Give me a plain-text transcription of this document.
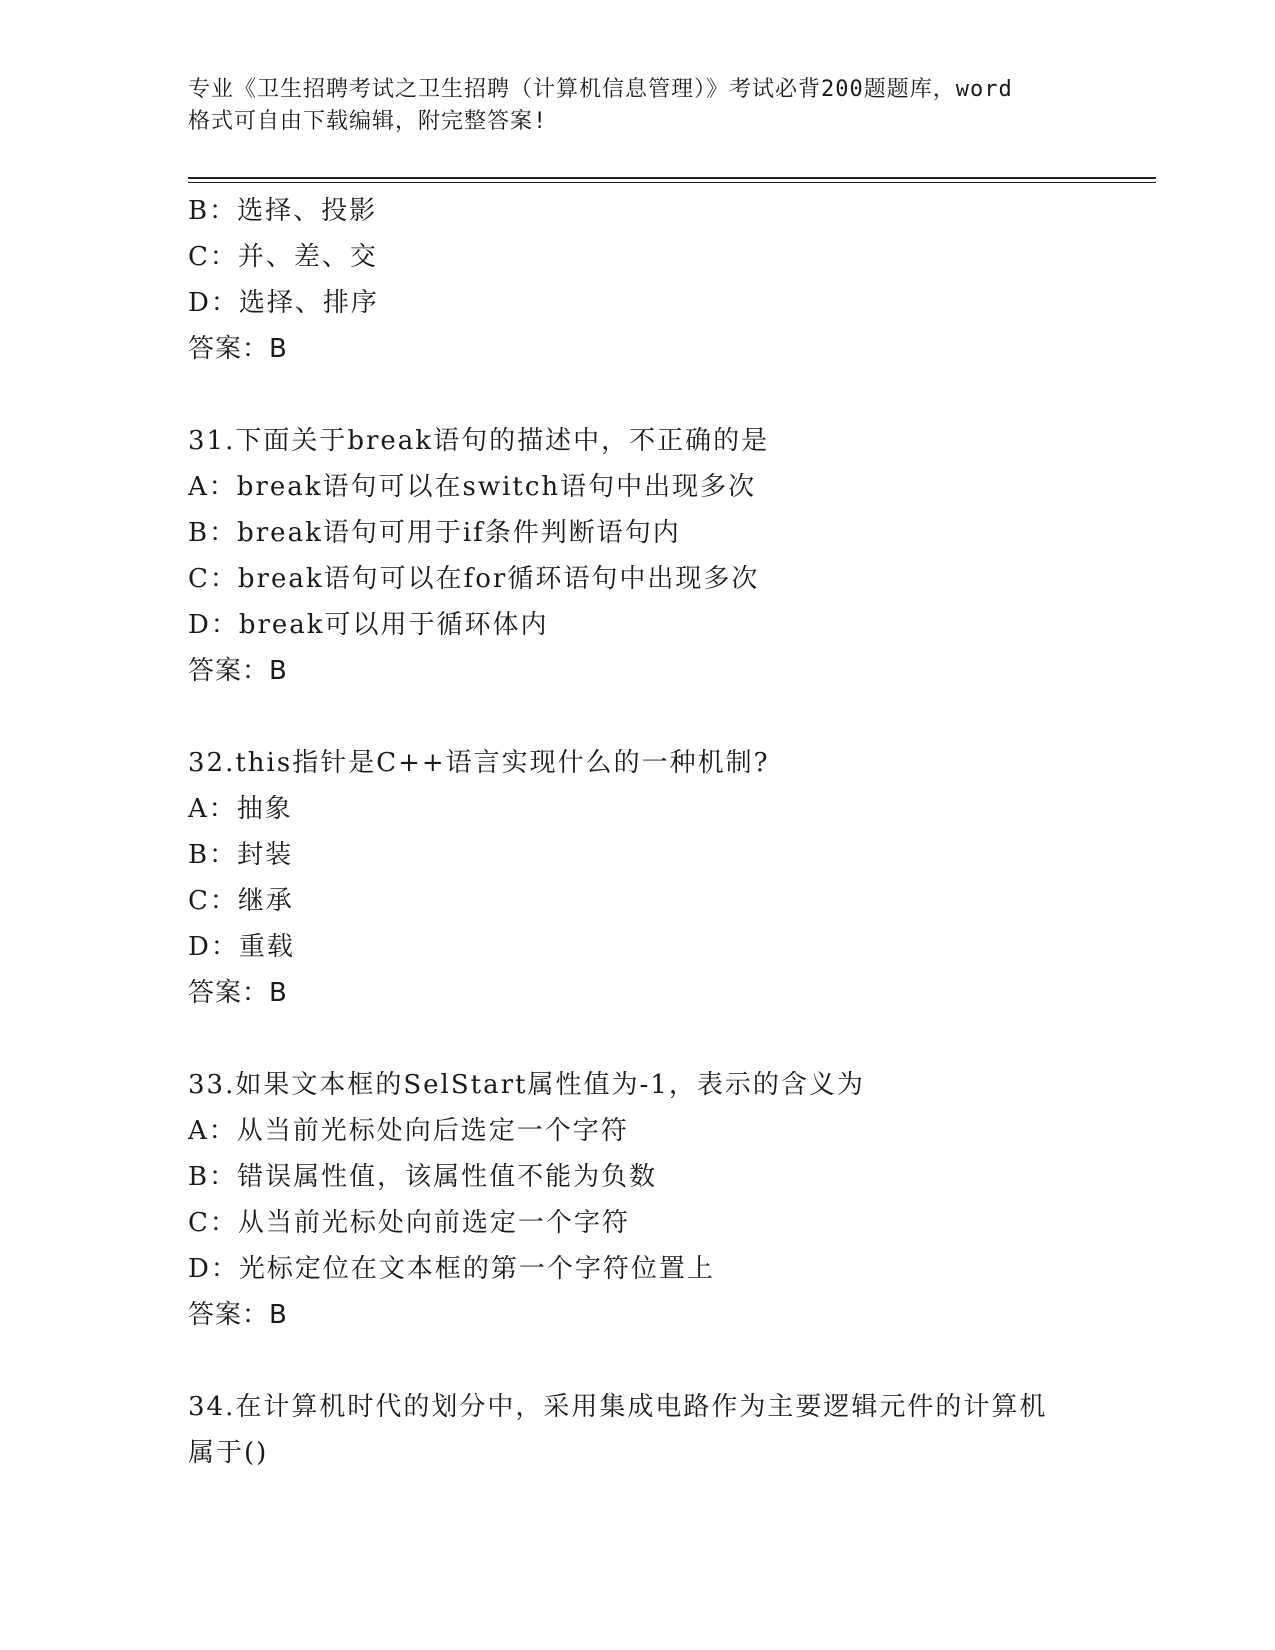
专业《卫生招聘考试之卫生招聘（计算机信息管理）》考试必背200题题库，word
格式可自由下载编辑，附完整答案!
B：选择、投影
C：并、差、交
D：选择、排序
答案：B
31.下面关于break语句的描述中，不正确的是
A：break语句可以在switch语句中出现多次
B：break语句可用于if条件判断语句内
C：break语句可以在for循环语句中出现多次
D：break可以用于循环体内
答案：B
32.this指针是C++语言实现什么的一种机制?
A：抽象
B：封装
C：继承
D：重载
答案：B
33.如果文本框的SelStart属性值为-1，表示的含义为
A：从当前光标处向后选定一个字符
B：错误属性值，该属性值不能为负数
C：从当前光标处向前选定一个字符
D：光标定位在文本框的第一个字符位置上
答案：B
34.在计算机时代的划分中，采用集成电路作为主要逻辑元件的计算机
属于()
